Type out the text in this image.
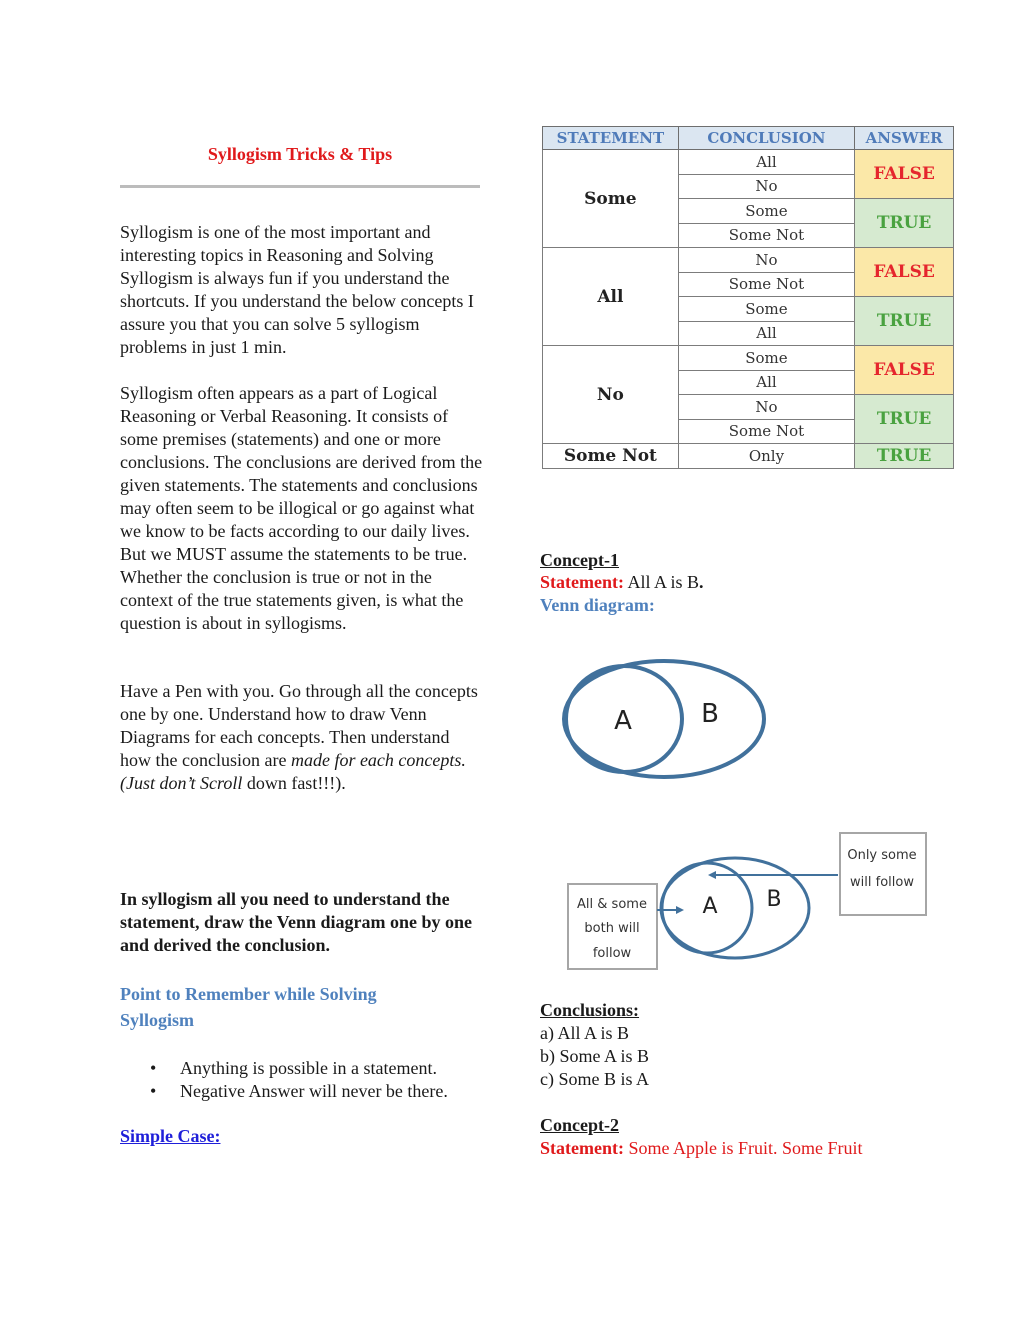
Syllogism Tricks & Tips
Syllogism is one of the most important and interesting topics in Reasoning and Solving Syllogism is always fun if you understand the shortcuts. If you understand the below concepts I assure you that you can solve 5 syllogism problems in just 1 min.
Syllogism often appears as a part of Logical Reasoning or Verbal Reasoning. It consists of some premises (statements) and one or more conclusions. The conclusions are derived from the given statements. The statements and conclusions may often seem to be illogical or go against what we know to be facts according to our daily lives. But we MUST assume the statements to be true. Whether the conclusion is true or not in the context of the true statements given, is what the question is about in syllogisms.
Have a Pen with you. Go through all the concepts one by one. Understand how to draw Venn Diagrams for each concepts. Then understand how the conclusion are made for each concepts.(Just don’t Scroll down fast!!!).
In syllogism all you need to understand the statement, draw the Venn diagram one by one and derived the conclusion.
Point to Remember while Solving Syllogism
• Anything is possible in a statement.
• Negative Answer will never be there.
Simple Case:
STATEMENT	CONCLUSION	ANSWER
Some	All	FALSE
	No	
	Some	TRUE
	Some Not	
All	No	FALSE
	Some Not	
	Some	TRUE
	All	
No	Some	FALSE
	All	
	No	TRUE
	Some Not	
Some Not	Only	TRUE
Concept-1
Statement: All A is B.
Venn diagram:
A	B
All & some
both will
follow
Only some
will follow
A B
Conclusions:
a) All A is B
b) Some A is B
c) Some B is A
Concept-2
Statement: Some Apple is Fruit. Some Fruit
